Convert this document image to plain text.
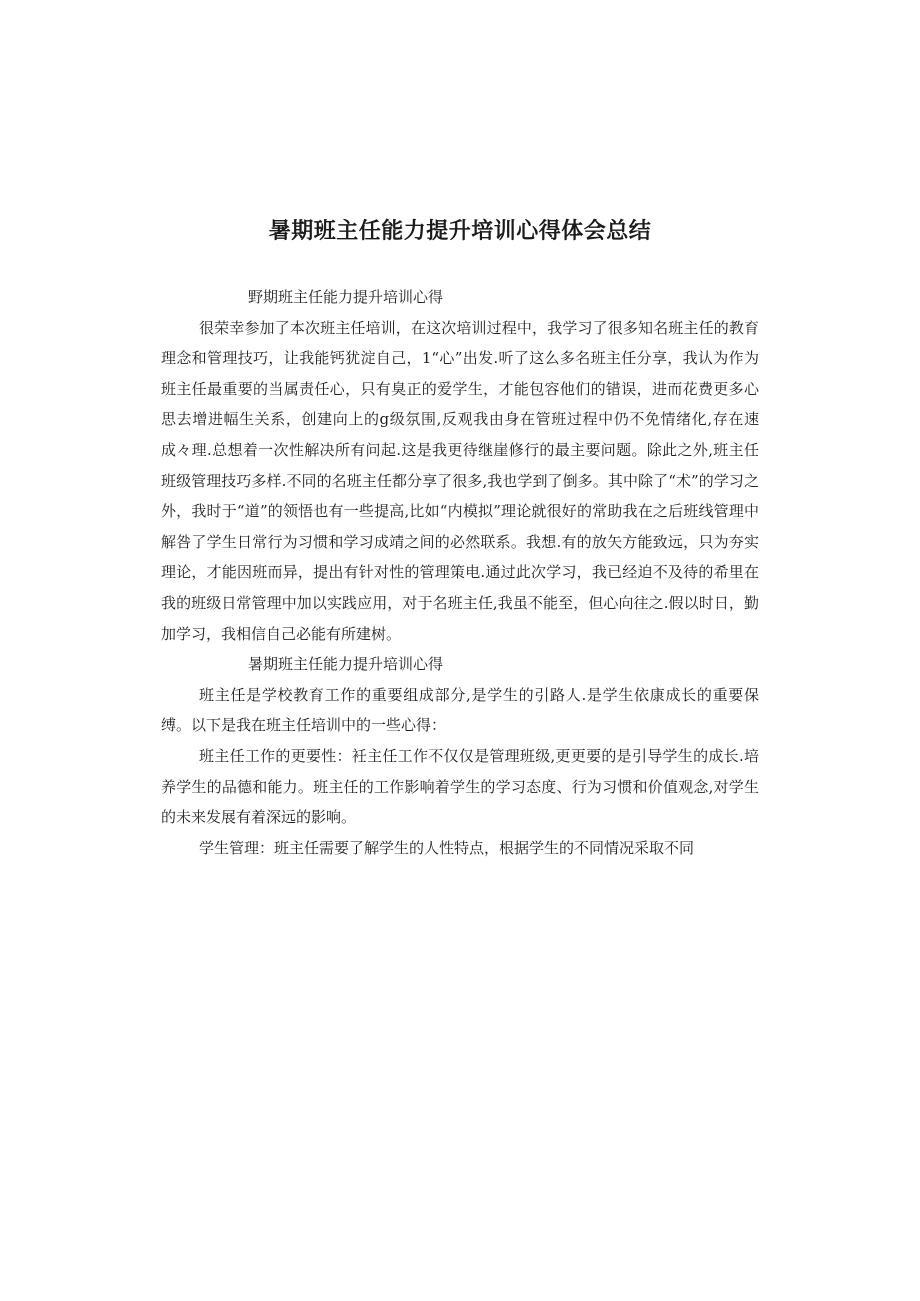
暑期班主任能力提升培训心得体会总结

野期班主任能力提升培训心得

很荣幸参加了本次班主任培训，在这次培训过程中，我学习了很多知名班主任的教育理念和管理技巧，让我能钙犹淀自己，1“心”出发.听了这么多名班主任分享，我认为作为班主任最重要的当属责任心，只有臭正的爱学生，才能包容他们的错误，进而花费更多心思去增进幅生关系，创建向上的g级氛围,反观我由身在管班过程中仍不免情绪化,存在速成々理.总想着一次性解决所有问起.这是我更待继崖修行的最主要问题。除此之外,班主任班级管理技巧多样.不同的名班主任都分享了很多,我也学到了倒多。其中除了“术”的学习之外，我时于“道”的领悟也有一些提高,比如“内模拟”理论就很好的常助我在之后班线管理中解咎了学生日常行为习惯和学习成靖之间的必然联系。我想.有的放矢方能致远，只为夯实理论，才能因班而异，提出有针对性的管理策电.通过此次学习，我已经迫不及待的希里在我的班级日常管理中加以实践应用，对于名班主任,我虽不能至，但心向往之.假以时日，勤加学习，我相信自己必能有所建树。

暑期班主任能力提升培训心得

班主任是学校教育工作的重要组成部分,是学生的引路人.是学生依康成长的重要保缚。以下是我在班主任培训中的一些心得：

班主任工作的更要性：衽主任工作不仅仅是管理班级,更更要的是引导学生的成长.培养学生的品德和能力。班主任的工作影响着学生的学习态度、行为习惯和价值观念,对学生的未来发展有着深远的影响。

学生管理：班主任需要了解学生的人性特点，根据学生的不同情况采取不同
